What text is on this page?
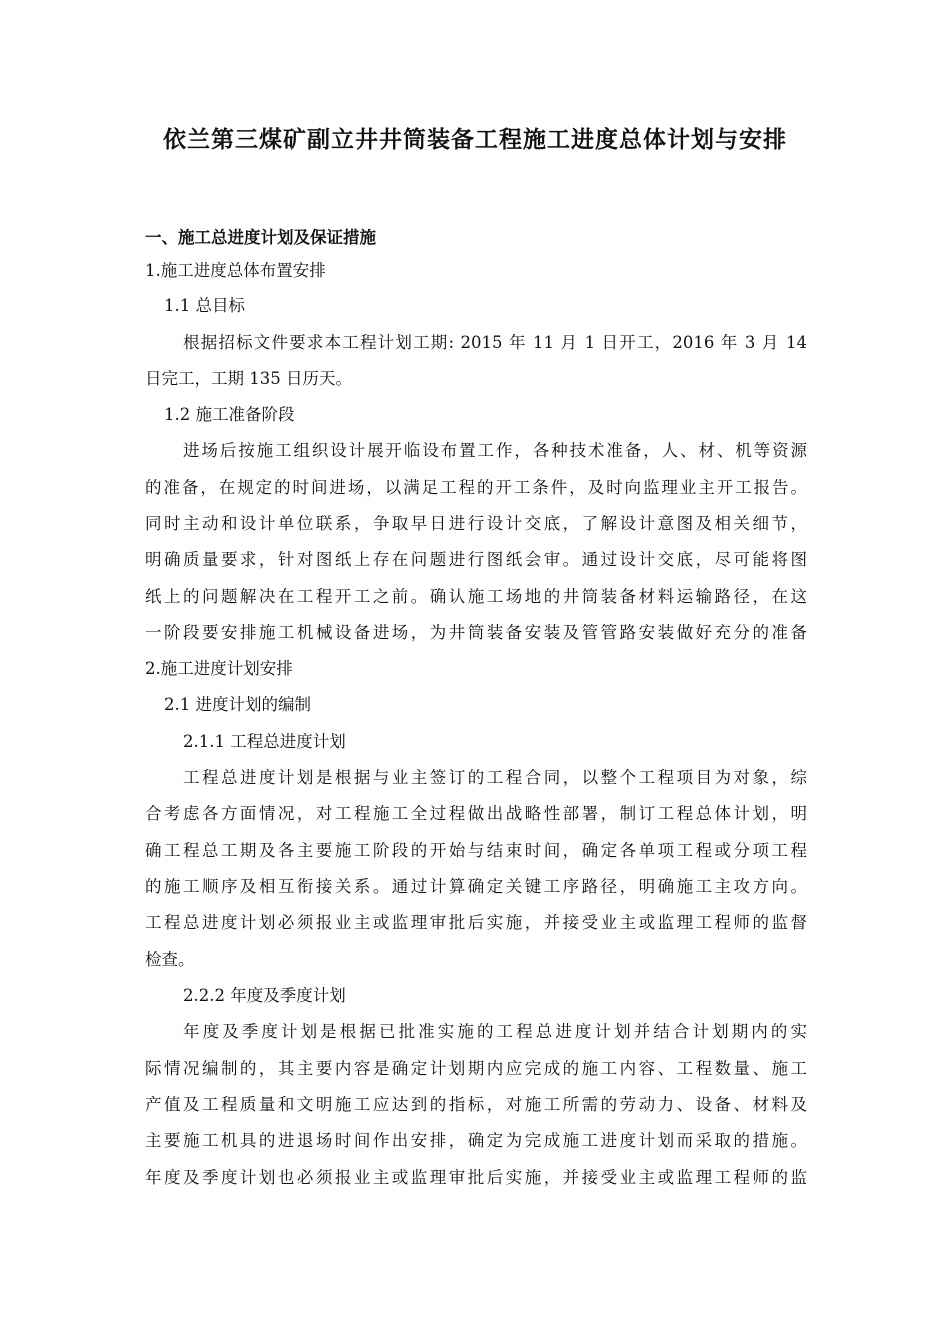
依兰第三煤矿副立井井筒装备工程施工进度总体计划与安排
一、施工总进度计划及保证措施
1.施工进度总体布置安排
1.1 总目标
根据招标文件要求本工程计划工期: 2015 年 11 月 1 日开工，2016 年 3 月 14
日完工，工期 135 日历天。
1.2 施工准备阶段
进场后按施工组织设计展开临设布置工作，各种技术准备，人、材、机等资源
的准备，在规定的时间进场，以满足工程的开工条件，及时向监理业主开工报告。
同时主动和设计单位联系，争取早日进行设计交底，了解设计意图及相关细节，
明确质量要求，针对图纸上存在问题进行图纸会审。通过设计交底，尽可能将图
纸上的问题解决在工程开工之前。确认施工场地的井筒装备材料运输路径，在这
一阶段要安排施工机械设备进场，为井筒装备安装及管管路安装做好充分的准备
2.施工进度计划安排
2.1 进度计划的编制
2.1.1 工程总进度计划
工程总进度计划是根据与业主签订的工程合同，以整个工程项目为对象，综
合考虑各方面情况，对工程施工全过程做出战略性部署，制订工程总体计划，明
确工程总工期及各主要施工阶段的开始与结束时间，确定各单项工程或分项工程
的施工顺序及相互衔接关系。通过计算确定关键工序路径，明确施工主攻方向。
工程总进度计划必须报业主或监理审批后实施，并接受业主或监理工程师的监督
检查。
2.2.2 年度及季度计划
年度及季度计划是根据已批准实施的工程总进度计划并结合计划期内的实
际情况编制的，其主要内容是确定计划期内应完成的施工内容、工程数量、施工
产值及工程质量和文明施工应达到的指标，对施工所需的劳动力、设备、材料及
主要施工机具的进退场时间作出安排，确定为完成施工进度计划而采取的措施。
年度及季度计划也必须报业主或监理审批后实施，并接受业主或监理工程师的监
